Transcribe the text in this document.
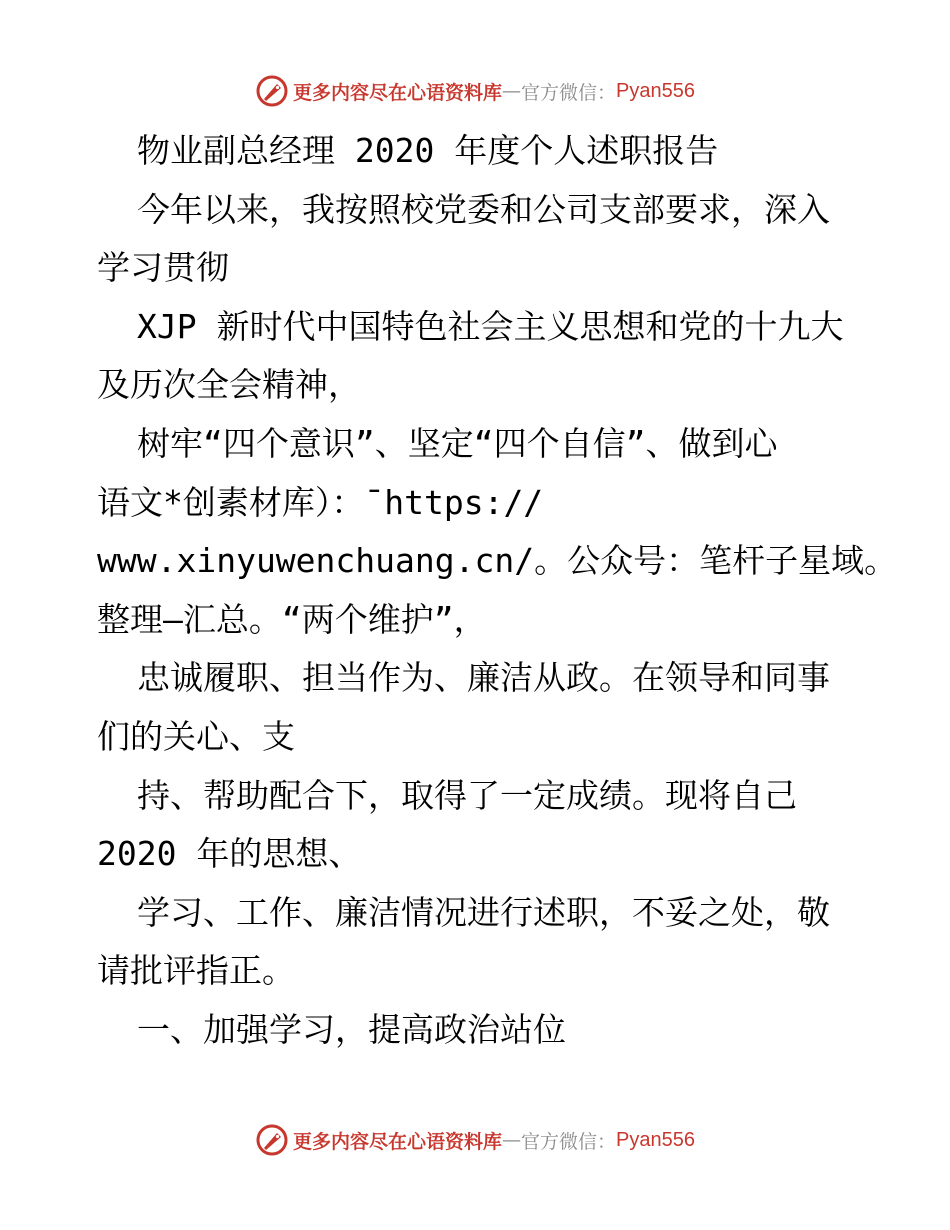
更多内容尽在心语资料库 — 官方微信： Pyan556
物业副总经理 2020 年度个人述职报告
今年以来，我按照校党委和公司支部要求，深入
学习贯彻
XJP 新时代中国特色社会主义思想和党的十九大
及历次全会精神，
树牢“四个意识”、坚定“四个自信”、做到心
语文*创素材库）：¯https://
www.xinyuwenchuang.cn/。公众号：笔杆子星域。
整理—汇总。“两个维护”，
忠诚履职、担当作为、廉洁从政。在领导和同事
们的关心、支
持、帮助配合下，取得了一定成绩。现将自己
2020 年的思想、
学习、工作、廉洁情况进行述职，不妥之处，敬
请批评指正。
一、加强学习，提高政治站位
更多内容尽在心语资料库 — 官方微信： Pyan556
